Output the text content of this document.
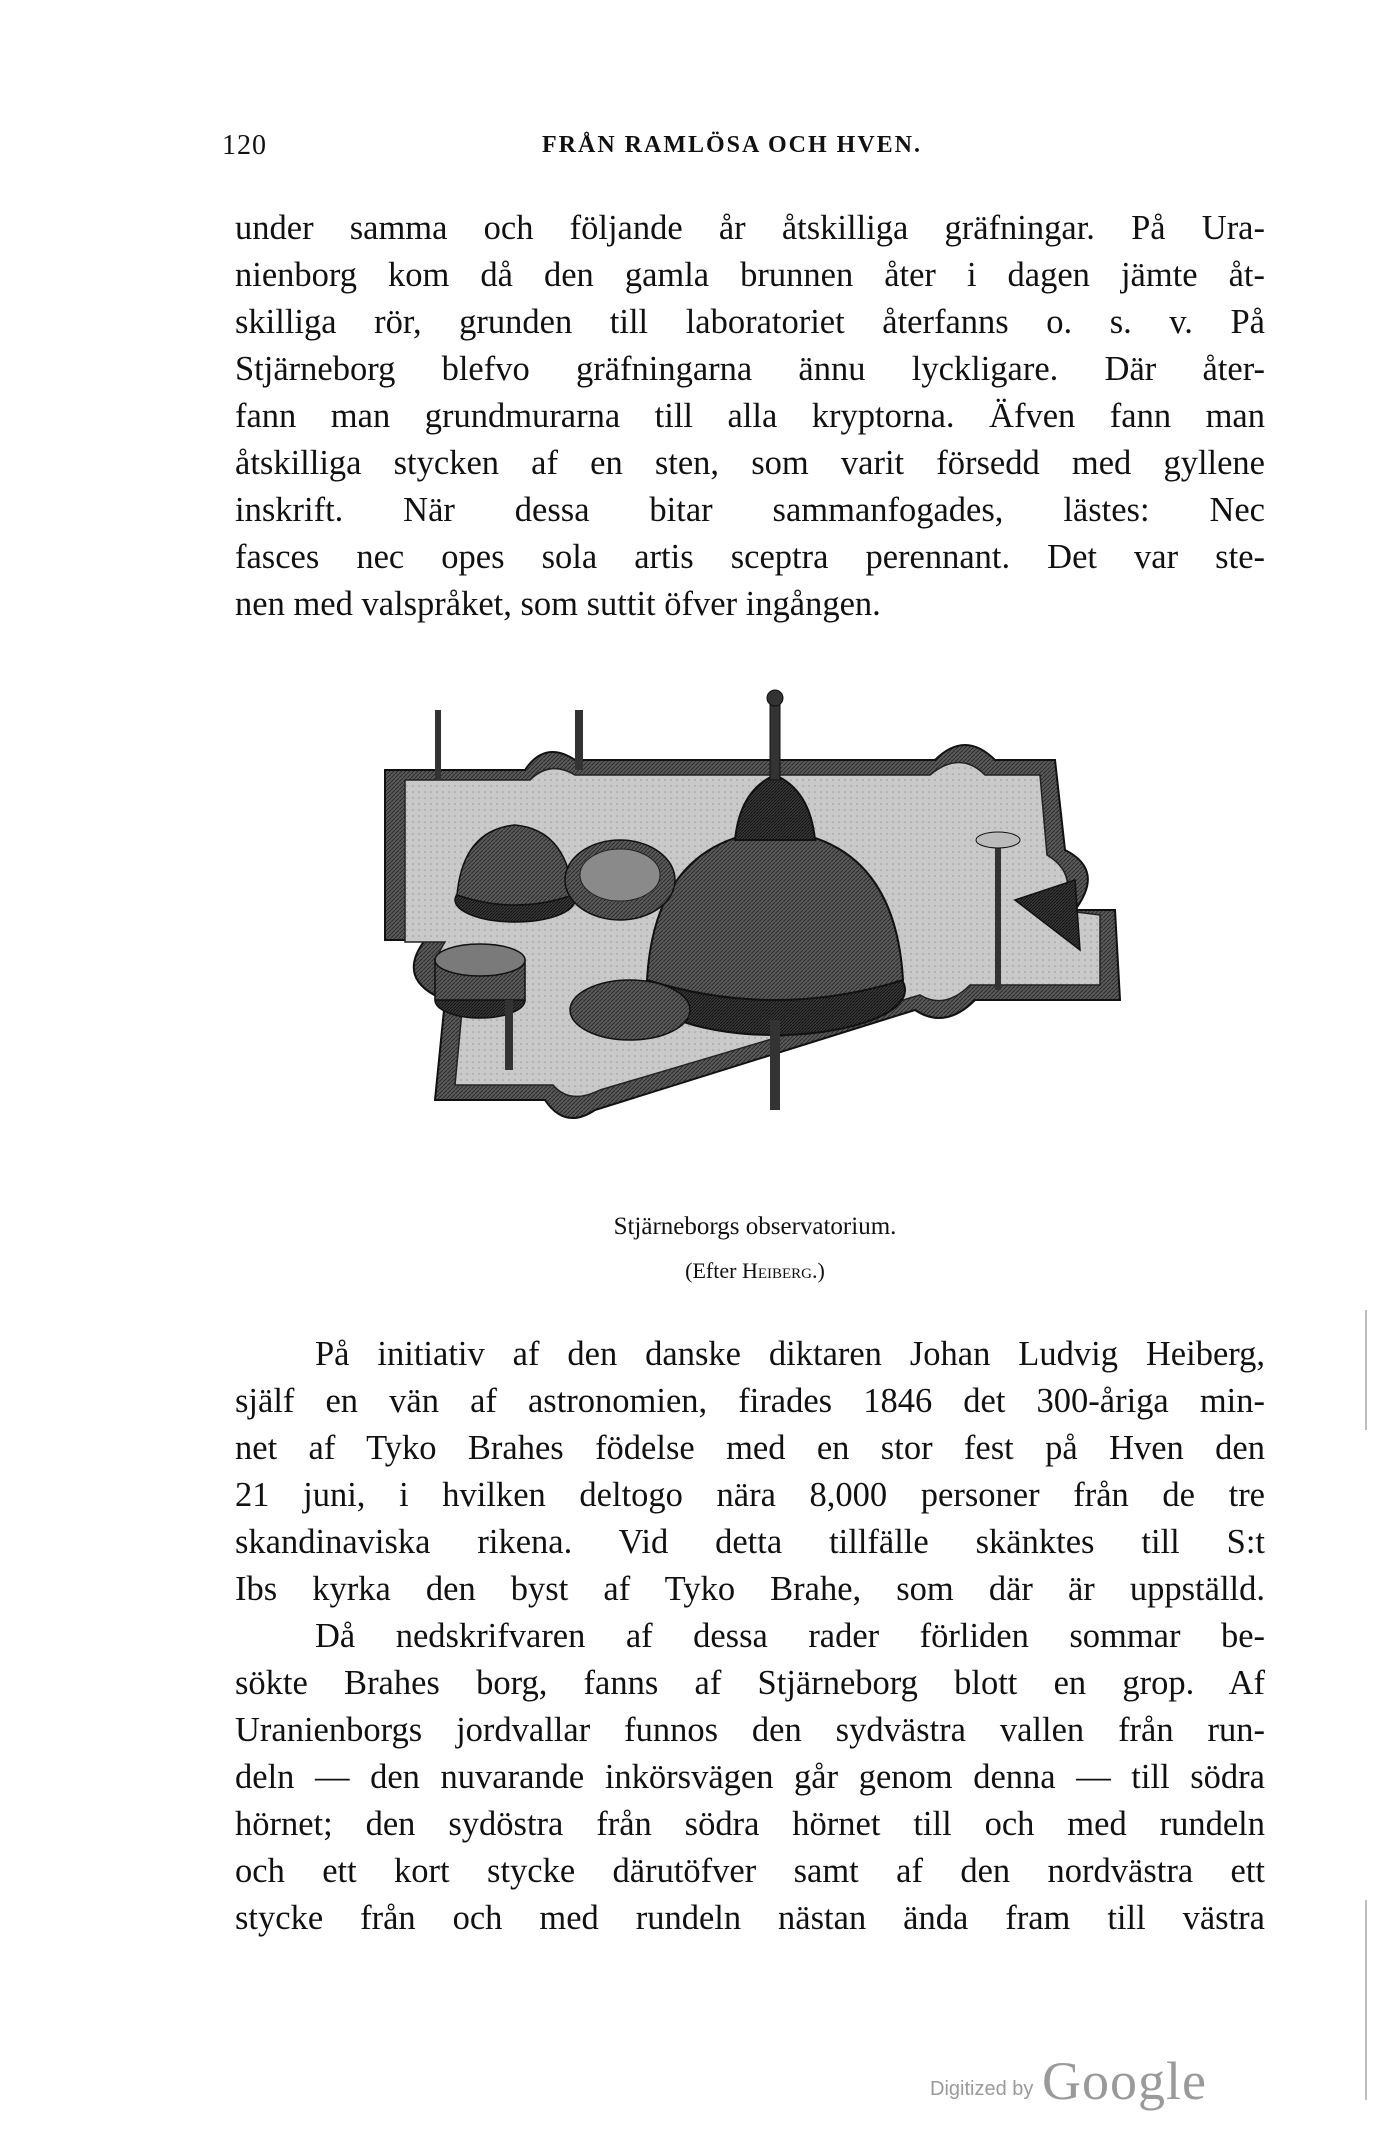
120	FRÅN RAMLÖSA OCH HVEN.
under samma och följande år åtskilliga gräfningar. På Ura-
nienborg kom då den gamla brunnen åter i dagen jämte åt-
skilliga rör, grunden till laboratoriet återfanns o. s. v. På
Stjärneborg blefvo gräfningarna ännu lyckligare. Där åter-
fann man grundmurarna till alla kryptorna. Äfven fann man
åtskilliga stycken af en sten, som varit försedd med gyllene
inskrift. När dessa bitar sammanfogades, lästes: Nec
fasces nec opes sola artis sceptra perennant. Det var ste-
nen med valspråket, som suttit öfver ingången.
Stjärneborgs observatorium.
(Efter Heiberg.)
På initiativ af den danske diktaren Johan Ludvig Heiberg,
själf en vän af astronomien, firades 1846 det 300-åriga min-
net af Tyko Brahes födelse med en stor fest på Hven den
21 juni, i hvilken deltogo nära 8,000 personer från de tre
skandinaviska rikena. Vid detta tillfälle skänktes till S:t
Ibs kyrka den byst af Tyko Brahe, som där är uppställd.
Då nedskrifvaren af dessa rader förliden sommar be-
sökte Brahes borg, fanns af Stjärneborg blott en grop. Af
Uranienborgs jordvallar funnos den sydvästra vallen från run-
deln — den nuvarande inkörsvägen går genom denna — till södra
hörnet; den sydöstra från södra hörnet till och med rundeln
och ett kort stycke därutöfver samt af den nordvästra ett
stycke från och med rundeln nästan ända fram till västra
Digitized by Google
